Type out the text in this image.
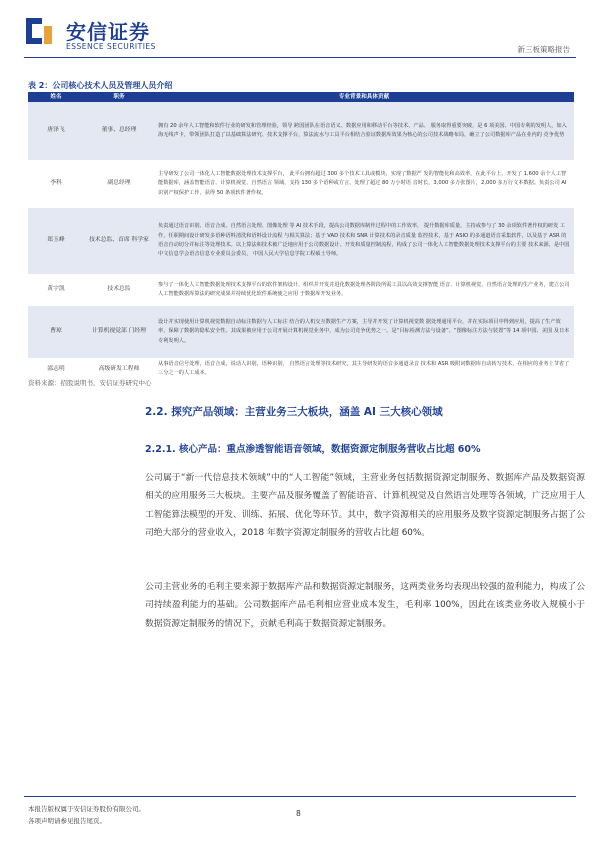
安信证券
ESSENCE SECURITIES	新三板策略报告
表 2：公司核心技术人员及管理人员介绍
姓名	职务	专业背景和具体贡献
唐泽飞	董事、总经理	拥有 20 余年人工智能和软件行业的研发和管理经验，领导 跨国团队在语音语义、数据应用和移动平台等技术、产品、 服务取得重要突破，是 6 项美国、中国专利的发明人，如入海无线声卡，带领团队打造了以基础算法研究、技术支撑平台，算法流水与工具平台相结合验证数据库效果为核心的公司技术战略布局，确立了公司数据库产品在业内的 竞争优势
李科	副总经理	主导研发了公司一体化人工智能数据处理技术支撑平台， 此平台拥有超过 300 多个技术工具或模块，实现了数据严 发的智能化和高效率，在此平台上，开发了 1,600 余个人工智能数据库，涵盖智能语音、计算机视觉、自然语言 领域，支持 130 多个语种或方言，处理了超过 80 万小时语 音时长，3,000 多万张图片，2,000 多万行文本数据。负责公司 AI 识别产权保护工作，获得 50 条项软件著作权。
郑玉峰	技术总监、首席 科学家	负责通过语音识别、语音合成、自然语言处理、图像处理 等 AI 技术手段，提高公司数据库制作过程中的工作效率， 提升数据库质量，主持或参与了 30 余项软件著作权的研发 工作，任职期间设计研发多语种语料清洗和语料设计流程 与相关算法；基于 VAD 技术和 SNR 计算技术的录音质量 监控技术，基于 ASIO 的多通道语音采集软件，以及基于 ASR 的语音自动切分并标注等处理技术。以上算法和技术被广泛地应用于公司数据设计、开发和质量控制流程，构成了公司一体化人工智能数据处理技术支撑平台的主要 技术来源，是中国中文信息学会语音信息专业委员会委员， 中国人民大学信息学院工程硕士导师。
黄宇凯	技术总监	参与了一体化人工智能数据处理技术支撑平台的软件架构设计，组织并开发并进化数据处理各阶段所需工具以高效支撑智能 语音、计算机视觉、自然语言处理的生产业务，建立公司人工智能数据库算法的研究成果并持续优化软件系统使之应用 于数据库开发业务。
曹琼	计算机视觉部 门经理	设计并实现使用计算机视觉数据自动标注数据与人工标注 结合的人机交互数据生产方案，主导并开发了计算机视觉数 据处理通用平台，并在实际项目中得到应用，提高了生产效率，保障了数据的隐私安全性。其成果被应用于公司开展计算机视觉业务中，成为公司竞争优势之一。是“目标检测方法与设备”、“图像标注方法与装置”等 14 项中国、美国 及日本专利发明人。
邵志明	高级研发工程师	从事语音信号处理，语音合成，说话人识别，语种识别， 自然语言处理等技术研究，其主导研发的语音多通道录音 技术和 ASR 吸附词数据库自动转写技术，在相应的业务上节省了三分之一的人工成本。
资料来源：招股说明书，安信证券研究中心
2.2. 探究产品领域：主营业务三大板块，涵盖 AI 三大核心领域
2.2.1. 核心产品：重点渗透智能语音领域，数据资源定制服务营收占比超 60%
公司属于“新一代信息技术领域”中的“人工智能”领域，主营业务包括数据资源定制服务、数据库产品及数据资源相关的应用服务三大板块。主要产品及服务覆盖了智能语音、计算机视觉及自然语言处理等各领域，广泛应用于人工智能算法模型的开发、训练、拓展、优化等环节。其中，数字资源相关的应用服务及数字资源定制服务占据了公司绝大部分的营业收入，2018 年数字资源定制服务的营收占比超 60%。
公司主营业务的毛利主要来源于数据库产品和数据资源定制服务，这两类业务均表现出较强的盈利能力，构成了公司持续盈利能力的基础。公司数据库产品毛利相应营业成本发生，毛利率 100%，因此在该类业务收入规模小于数据资源定制服务的情况下，贡献毛利高于数据资源定制服务。
本报告版权属于安信证券股份有限公司。
各项声明请参见报告尾页。
8
